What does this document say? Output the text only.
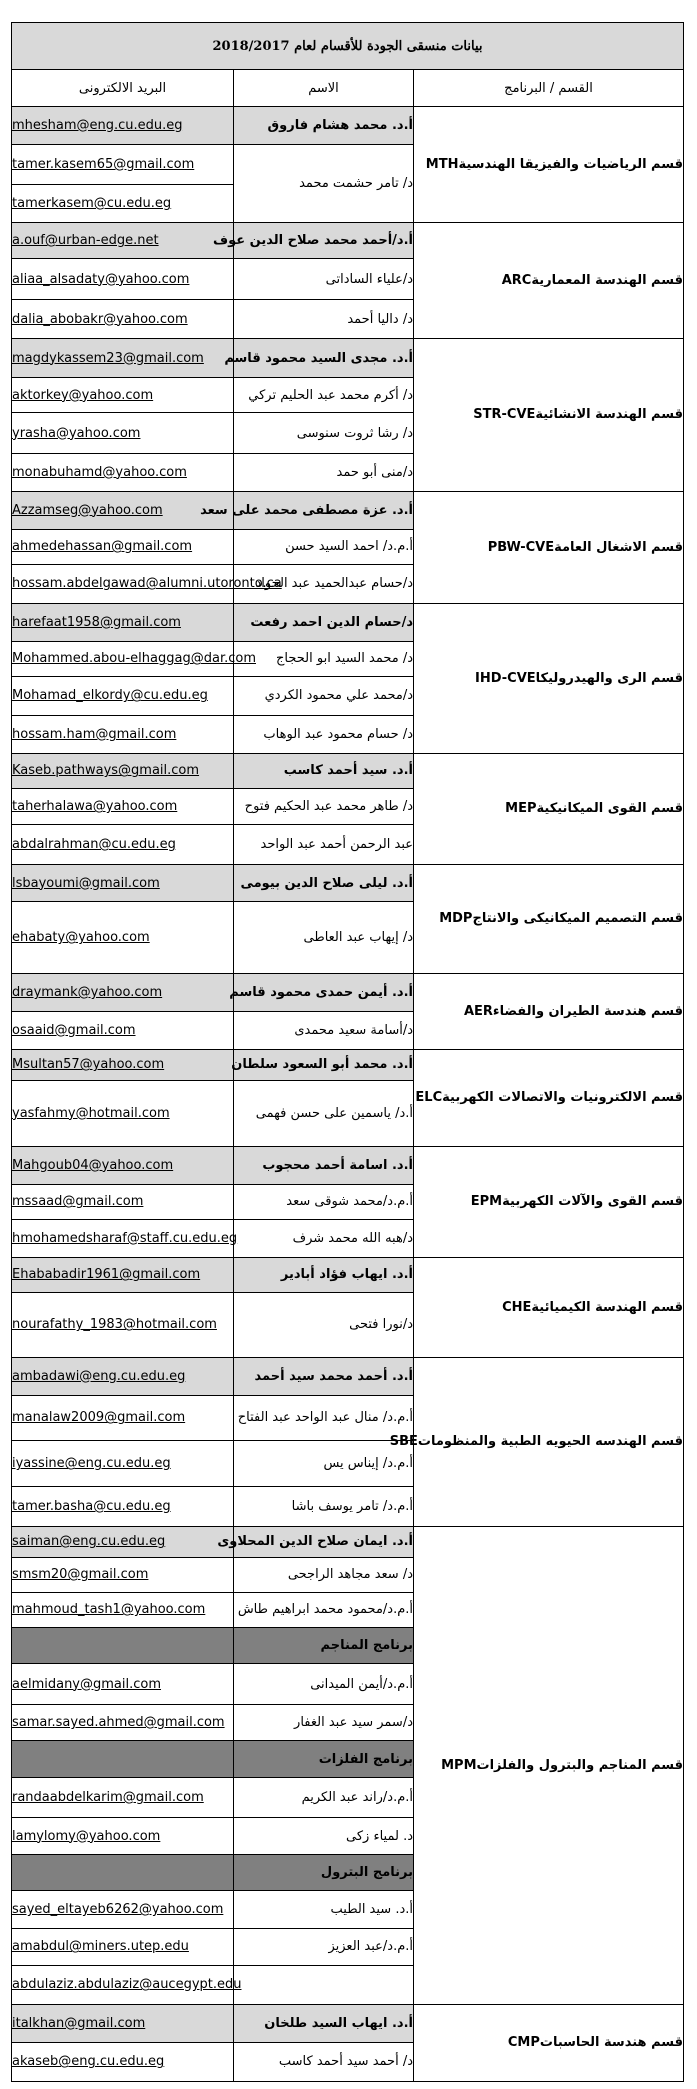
بيانات منسقى الجودة للأقسام لعام 2018/2017		
البريد الالكترونى	الاسم	القسم / البرنامج
mhesham@eng.cu.edu.eg	أ.د. محمد هشام فاروق	قسم الرياضيات والفيزيقا الهندسيةMTH
tamer.kasem65@gmail.com	د/ تامر حشمت محمد	
tamerkasem@cu.edu.eg		
a.ouf@urban-edge.net	أ.د/أحمد محمد صلاح الدين عوف	قسم الهندسة المعماريةARC
aliaa_alsadaty@yahoo.com	د/علياء الساداتى	
dalia_abobakr@yahoo.com	د/ داليا أحمد	
magdykassem23@gmail.com	أ.د. مجدى السيد محمود قاسم	قسم الهندسة الانشائيةSTR-CVE
aktorkey@yahoo.com	د/ أكرم محمد عبد الحليم تركي	
yrasha@yahoo.com	د/ رشا ثروت سنوسى	
monabuhamd@yahoo.com	د/منى أبو حمد	
Azzamseg@yahoo.com	أ.د. عزة مصطفى محمد على سعد	قسم الاشغال العامةPBW-CVE
ahmedehassan@gmail.com	أ.م.د/ احمد السيد حسن	
hossam.abdelgawad@alumni.utoronto.ca	د/حسام عبدالحميد عبد الجواد	
harefaat1958@gmail.com	د/حسام الدين احمد رفعت	قسم الرى والهيدروليكاIHD-CVE
Mohammed.abou-elhaggag@dar.com	د/ محمد السيد ابو الحجاج	
Mohamad_elkordy@cu.edu.eg	د/محمد علي محمود الكردي	
hossam.ham@gmail.com	د/ حسام محمود عبد الوهاب	
Kaseb.pathways@gmail.com	أ.د. سيد أحمد كاسب	قسم القوى الميكانيكيةMEP
taherhalawa@yahoo.com	د/ طاهر محمد عبد الحكيم فتوح	
abdalrahman@cu.edu.eg	عبد الرحمن أحمد عبد الواحد	
lsbayoumi@gmail.com	أ.د. ليلى صلاح الدين بيومى	قسم التصميم الميكانيكى والانتاجMDP
ehabaty@yahoo.com	د/ إيهاب عبد العاطى	
draymank@yahoo.com	أ.د. أيمن حمدى محمود قاسم	قسم هندسة الطيران والفضاءAER
osaaid@gmail.com	د/أسامة سعيد محمدى	
Msultan57@yahoo.com	أ.د. محمد أبو السعود سلطان	قسم الالكترونيات والاتصالات الكهربيةELC
yasfahmy@hotmail.com	أ.د/ ياسمين على حسن فهمى	
Mahgoub04@yahoo.com	أ.د. اسامة أحمد محجوب	قسم القوى والآلات الكهربيةEPM
mssaad@gmail.com	أ.م.د/محمد شوقى سعد	
hmohamedsharaf@staff.cu.edu.eg	د/هبه الله محمد شرف	
Ehababadir1961@gmail.com	أ.د. ايهاب فؤاد أبادير	قسم الهندسة الكيميائيةCHE
nourafathy_1983@hotmail.com	د/نورا فتحى	
ambadawi@eng.cu.edu.eg	أ.د. أحمد محمد سيد أحمد	قسم الهندسه الحيويه الطبية والمنظوماتSBE
manalaw2009@gmail.com	أ.م.د/ منال عبد الواحد عبد الفتاح	
iyassine@eng.cu.edu.eg	أ.م.د/ إيناس يس	
tamer.basha@cu.edu.eg	أ.م.د/ تامر يوسف باشا	
saiman@eng.cu.edu.eg	أ.د. ايمان صلاح الدين المحلاوى	قسم المناجم والبترول والفلزاتMPM
smsm20@gmail.com	د/ سعد مجاهد الراجحى	
mahmoud_tash1@yahoo.com	أ.م.د/محمود محمد ابراهيم طاش	
	برنامج المناجم	
aelmidany@gmail.com	أ.م.د/أيمن الميدانى	
samar.sayed.ahmed@gmail.com	د/سمر سيد عبد الغفار	
	برنامج الفلزات	
randaabdelkarim@gmail.com	أ.م.د/راند عبد الكريم	
lamylomy@yahoo.com	د. لمياء زكى	
	برنامج البترول	
sayed_eltayeb6262@yahoo.com	أ.د. سيد الطيب	
amabdul@miners.utep.edu	أ.م.د/عبد العزيز	
abdulaziz.abdulaziz@aucegypt.edu		
italkhan@gmail.com	أ.د. ايهاب السيد طلخان	قسم هندسة الحاسباتCMP
akaseb@eng.cu.edu.eg	د/ أحمد سيد أحمد كاسب	
